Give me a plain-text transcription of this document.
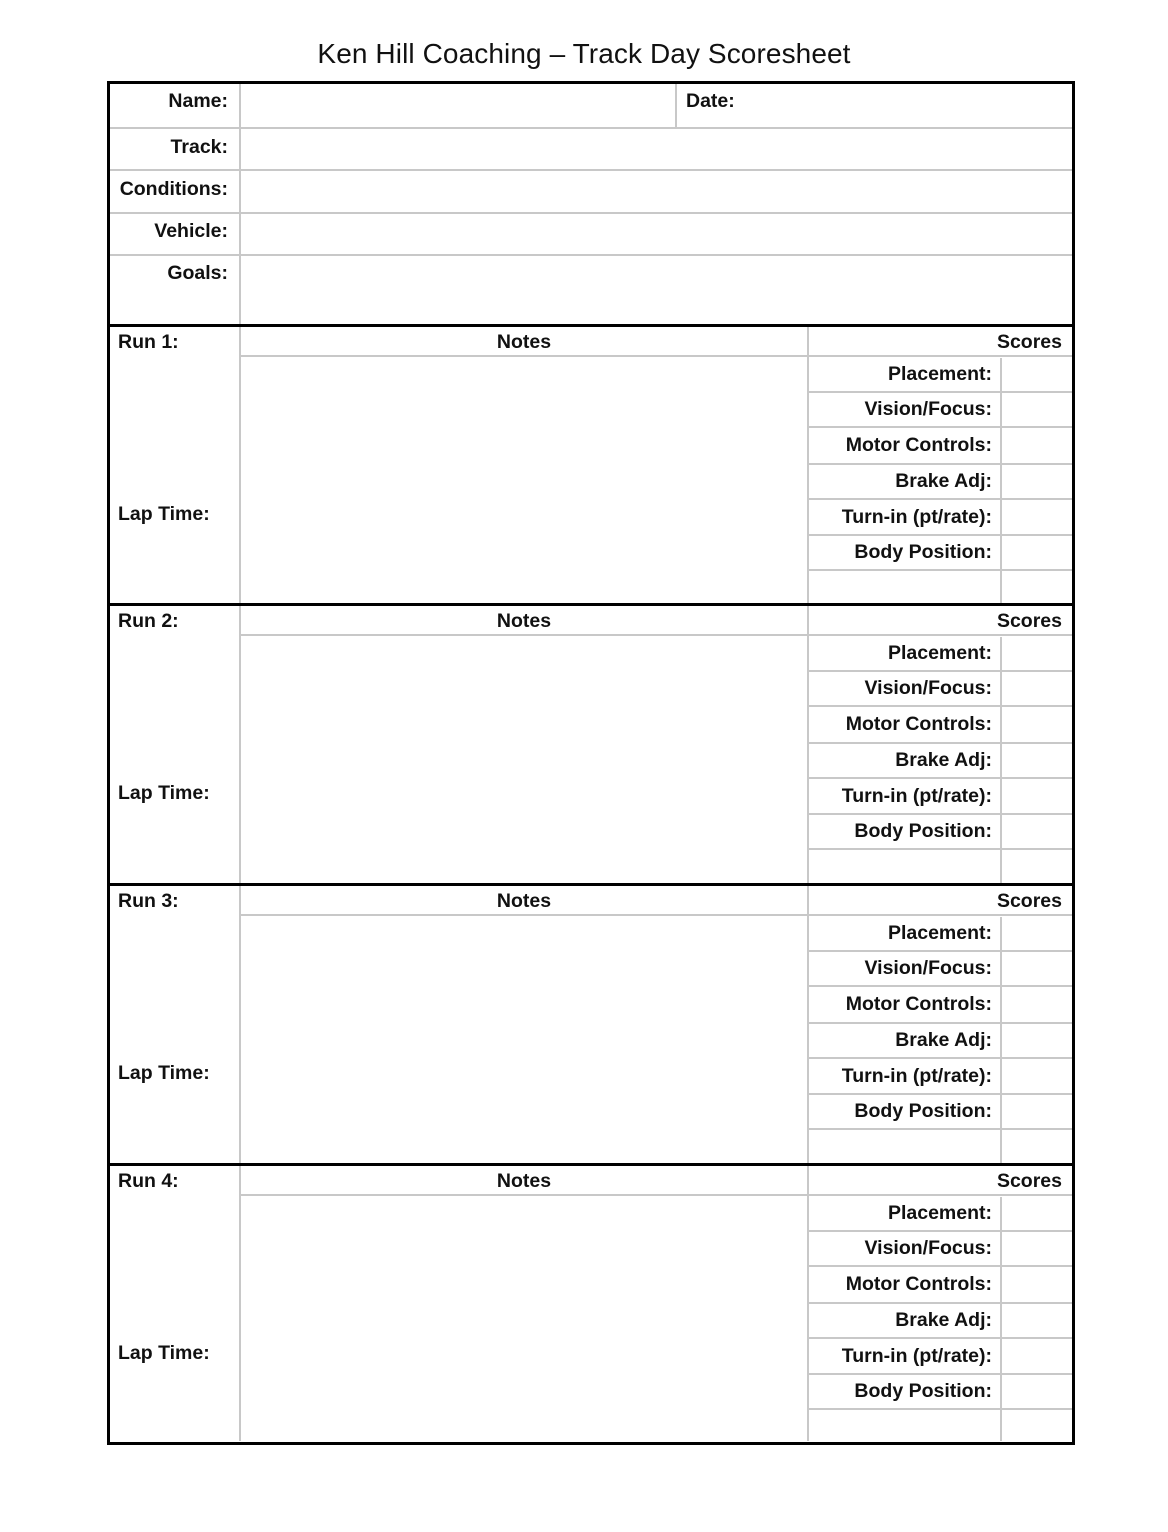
Ken Hill Coaching – Track Day Scoresheet
Name:	Date:
Track:
Conditions:
Vehicle:
Goals:
Run 1:	Notes	Scores
Lap Time:
Placement:
Vision/Focus:
Motor Controls:
Brake Adj:
Turn-in (pt/rate):
Body Position:
Run 2:	Notes	Scores
Lap Time:
Placement:
Vision/Focus:
Motor Controls:
Brake Adj:
Turn-in (pt/rate):
Body Position:
Run 3:	Notes	Scores
Lap Time:
Placement:
Vision/Focus:
Motor Controls:
Brake Adj:
Turn-in (pt/rate):
Body Position:
Run 4:	Notes	Scores
Lap Time:
Placement:
Vision/Focus:
Motor Controls:
Brake Adj:
Turn-in (pt/rate):
Body Position:
